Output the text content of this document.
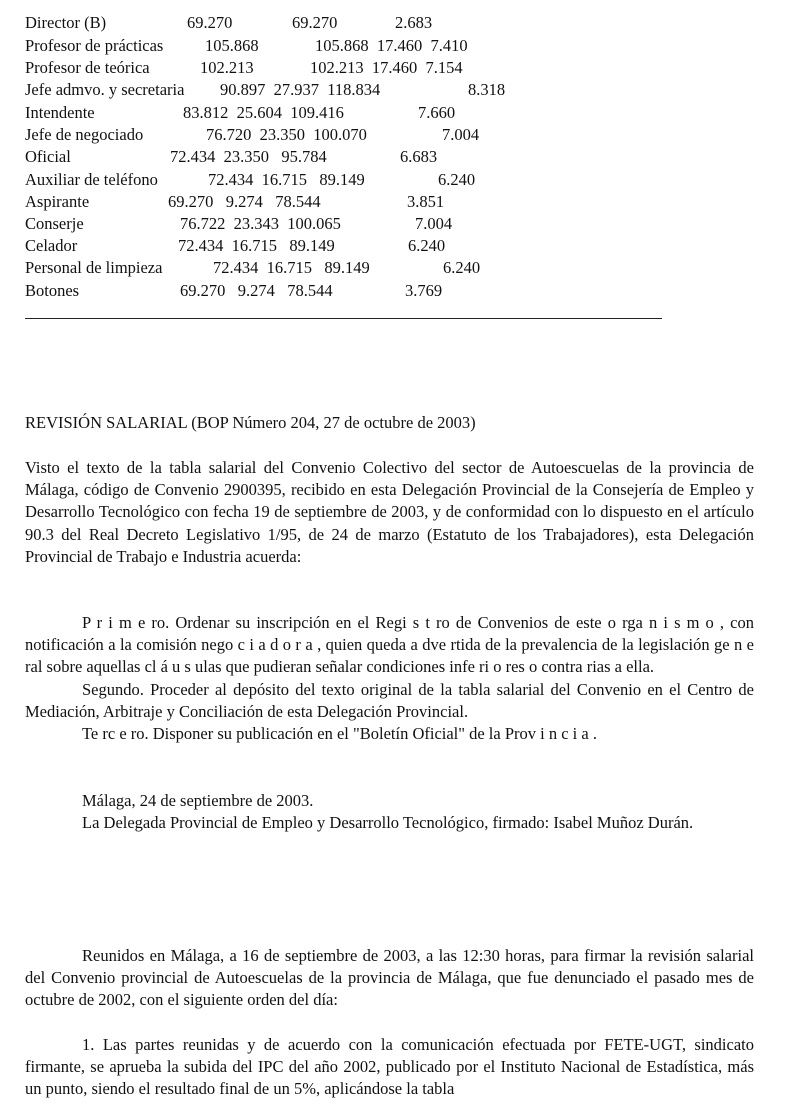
Director (B)	69.270	69.270	2.683
Profesor de prácticas	105.868	105.868  17.460  7.410
Profesor de teórica	102.213	102.213  17.460  7.154
Jefe admvo. y secretaria 90.897  27.937  118.834	8.318
Intendente	83.812  25.604  109.416	7.660
Jefe de negociado	76.720  23.350  100.070	7.004
Oficial	72.434  23.350   95.784	6.683
Auxiliar de teléfono	72.434  16.715   89.149	6.240
Aspirante	69.270   9.274   78.544	3.851
Conserje	76.722  23.343  100.065	7.004
Celador	72.434  16.715   89.149	6.240
Personal de limpieza	72.434  16.715   89.149	6.240
Botones	69.270   9.274   78.544	3.769
REVISIÓN SALARIAL (BOP Número 204, 27 de octubre de 2003)

Visto el texto de la tabla salarial del Convenio Colectivo del sector de Autoescuelas de la provincia de Málaga, código de Convenio 2900395, recibido en esta Delegación Provincial de la Consejería de Empleo y Desarrollo Tecnológico con fecha 19 de septiembre de 2003, y de conformidad con lo dispuesto en el artículo 90.3 del Real Decreto Legislativo 1/95, de 24 de marzo (Estatuto de los Trabajadores), esta Delegación Provincial de Trabajo e Industria acuerda:

P r i m e ro. Ordenar su inscripción en el Regi s t ro de Convenios de este o rga n i s m o , con notificación a la comisión nego c i a d o r a , quien queda a dve rtida de la prevalencia de la legislación ge n e ral sobre aquellas cl á u s ulas que pudieran señalar condiciones infe ri o res o contra rias a ella.

Segundo. Proceder al depósito del texto original de la tabla salarial del Convenio en el Centro de Mediación, Arbitraje y Conciliación de esta Delegación Provincial.

Te rc e ro. Disponer su publicación en el "Boletín Oficial" de la Prov i n c i a .

Málaga, 24 de septiembre de 2003.

La Delegada Provincial de Empleo y Desarrollo Tecnológico, firmado: Isabel Muñoz Durán.

Reunidos en Málaga, a 16 de septiembre de 2003, a las 12:30 horas, para firmar la revisión salarial del Convenio provincial de Autoescuelas de la provincia de Málaga, que fue denunciado el pasado mes de octubre de 2002, con el siguiente orden del día:

1. Las partes reunidas y de acuerdo con la comunicación efectuada por FETE-UGT, sindicato firmante, se aprueba la subida del IPC del año 2002, publicado por el Instituto Nacional de Estadística, más un punto, siendo el resultado final de un 5%, aplicándose la tabla
